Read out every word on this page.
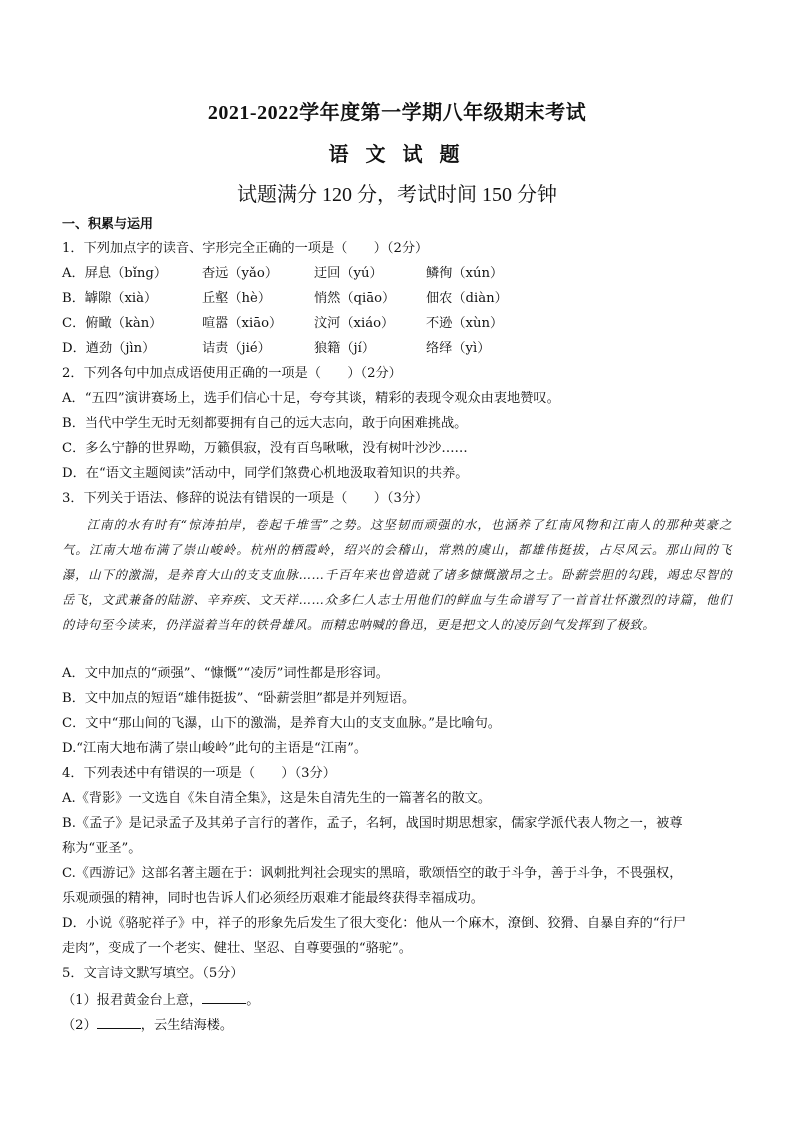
2021-2022学年度第一学期八年级期末考试
语 文 试 题
试题满分 120 分，考试时间 150 分钟
一、积累与运用
1．下列加点字的读音、字形完全正确的一项是（　　）（2分）
A．屏息（bǐng）	杳远（yǎo）	迂回（yú）	鳞徇（xún）
B．罅隙（xià）	丘壑（hè）	悄然（qiāo） 佃农（diàn）
C．俯瞰（kàn）	喧嚣（xiāo） 汶河（xiáo） 不逊（xùn）
D．遒劲（jìn）	诘责（jié）	狼籍（jí）	络绎（yì）
2．下列各句中加点成语使用正确的一项是（　　）（2分）
A．“五四”演讲赛场上，选手们信心十足，夸夸其谈，精彩的表现令观众由衷地赞叹。
B．当代中学生无时无刻都要拥有自己的远大志向，敢于向困难挑战。
C．多么宁静的世界呦，万籁俱寂，没有百鸟啾啾，没有树叶沙沙……
D．在“语文主题阅读”活动中，同学们煞费心机地汲取着知识的共养。
3．下列关于语法、修辞的说法有错误的一项是（　　）（3分）
江南的水有时有“惊涛拍岸，卷起千堆雪”之势。这坚韧而顽强的水，也涵养了红南风物和江南人的那种英豪之气。江南大地布满了崇山峻岭。杭州的栖霞岭，绍兴的会稽山，常熟的虞山，都雄伟挺拔，占尽风云。那山间的飞瀑，山下的激湍，是养育大山的支支血脉……千百年来也曾造就了诸多慷慨激昂之士。卧薪尝胆的勾践，竭忠尽智的岳飞，文武兼备的陆游、辛弃疾、文天祥……众多仁人志士用他们的鲜血与生命谱写了一首首壮怀激烈的诗篇，他们的诗句至今读来，仍洋溢着当年的铁骨雄风。而精忠呐喊的鲁迅，更是把文人的凌厉剑气发挥到了极致。
A．文中加点的“顽强”、“慷慨”“凌厉”词性都是形容词。
B．文中加点的短语“雄伟挺拔”、“卧薪尝胆”都是并列短语。
C．文中“那山间的飞瀑，山下的激湍，是养育大山的支支血脉。”是比喻句。
D.“江南大地布满了崇山峻岭”此句的主语是“江南”。
4．下列表述中有错误的一项是（　　）（3分）
A.《背影》一文选自《朱自清全集》，这是朱自清先生的一篇著名的散文。
B.《孟子》是记录孟子及其弟子言行的著作，孟子，名轲，战国时期思想家，儒家学派代表人物之一，被尊
称为“亚圣”。
C.《西游记》这部名著主题在于：讽刺批判社会现实的黑暗，歌颂悟空的敢于斗争，善于斗争，不畏强权，
乐观顽强的精神，同时也告诉人们必须经历艰难才能最终获得幸福成功。
D．小说《骆驼祥子》中，祥子的形象先后发生了很大变化：他从一个麻木，潦倒、狡猾、自暴自弃的“行尸
走肉”，变成了一个老实、健壮、坚忍、自尊要强的“骆驼”。
5．文言诗文默写填空。（5分）
（1）报君黄金台上意，	。
（2）	，云生结海楼。
